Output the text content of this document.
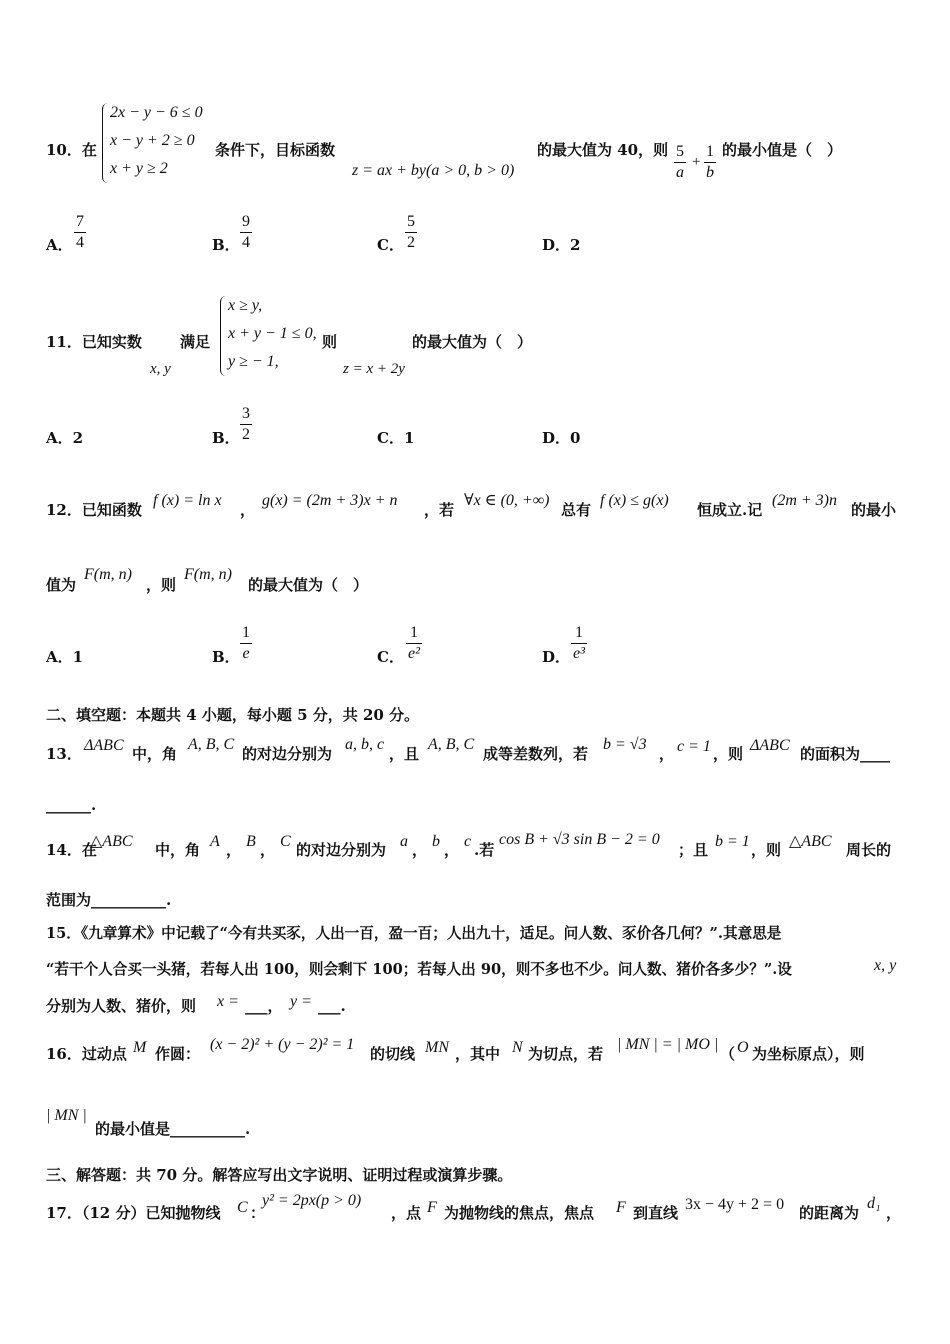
10．在
2x − y − 6 ≤ 0
x − y + 2 ≥ 0
x + y ≥ 2
条件下，目标函数
z = ax + by(a > 0, b > 0)
的最大值为 40，则 $\frac{5}{a} + \frac{1}{b}$ 的最小值是（　）
A． $\frac{7}{4}$	B． $\frac{9}{4}$	C． $\frac{5}{2}$	D．2
11．已知实数
x, y
满足
x ≥ y,
x + y − 1 ≤ 0,
y ≥ − 1,
则
z = x + 2y
的最大值为（　）
A．2	B． $\frac{3}{2}$	C．1	D．0
12．已知函数
f (x) = ln x
，
g(x) = (2m + 3)x + n
，若
∀x ∈ (0, +∞)
总有
f (x) ≤ g(x)
恒成立.记
(2m + 3)n
的最小
值为
F(m, n)
，则
F(m, n)
的最大值为（　）
A．1	B． $\frac{1}{e}$	C． $\frac{1}{\text{e²}}$	D． $\frac{1}{\text{e³}}$
二、填空题：本题共 4 小题，每小题 5 分，共 20 分。
13． ΔABC 中，角
A, B, C
的对边分别为
a, b, c
，且
A, B, C
成等差数列，若
b = √3
， c = 1 ，则 ΔABC 的面积为____
______.
14．在
△ABC 中，角 A ， B ， C 的对边分别为 a ， b ， c .若
cos B + √3 sin B − 2 = 0
；且 b = 1 ，则 △ABC 周长的
范围为__________.
15．《九章算术》中记载了“今有共买豕，人出一百，盈一百；人出九十，适足。问人数、豕价各几何？”.其意思是
“若干个人合买一头猪，若每人出 100，则会剩下 100；若每人出 90，则不多也不少。问人数、猪价各多少？”.设	x, y
分别为人数、猪价，则 x = ___， y = ___.
16．过动点 M 作圆：
(x − 2)² + (y − 2)² = 1
的切线 MN ，其中 N 为切点，若
| MN | = | MO |
（ O 为坐标原点），则
| MN |
的最小值是__________.
三、解答题：共 70 分。解答应写出文字说明、证明过程或演算步骤。
17．（12 分）已知抛物线 C ：
y² = 2px(p > 0)
，点 F 为抛物线的焦点，焦点 F 到直线 3x − 4y + 2 = 0 的距离为
d₁
，
